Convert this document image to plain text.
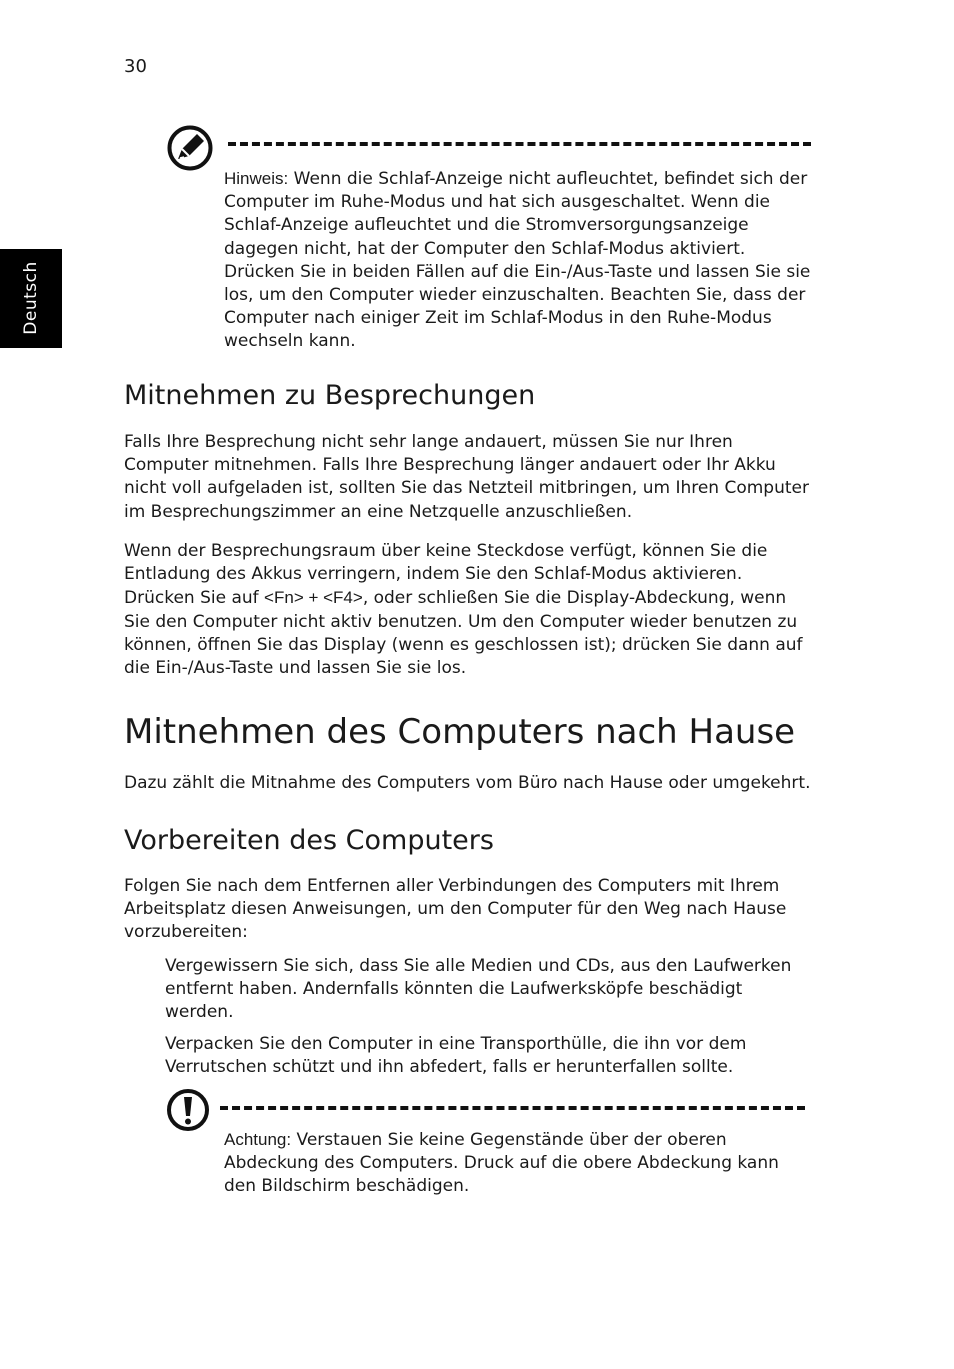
30
Deutsch
Hinweis: Wenn die Schlaf-Anzeige nicht aufleuchtet, befindet sich der Computer im Ruhe-Modus und hat sich ausgeschaltet. Wenn die Schlaf-Anzeige aufleuchtet und die Stromversorgungsanzeige dagegen nicht, hat der Computer den Schlaf-Modus aktiviert. Drücken Sie in beiden Fällen auf die Ein-/Aus-Taste und lassen Sie sie los, um den Computer wieder einzuschalten. Beachten Sie, dass der Computer nach einiger Zeit im Schlaf-Modus in den Ruhe-Modus wechseln kann.
Mitnehmen zu Besprechungen

Falls Ihre Besprechung nicht sehr lange andauert, müssen Sie nur Ihren Computer mitnehmen. Falls Ihre Besprechung länger andauert oder Ihr Akku nicht voll aufgeladen ist, sollten Sie das Netzteil mitbringen, um Ihren Computer im Besprechungszimmer an eine Netzquelle anzuschließen.

Wenn der Besprechungsraum über keine Steckdose verfügt, können Sie die Entladung des Akkus verringern, indem Sie den Schlaf-Modus aktivieren. Drücken Sie auf <Fn> + <F4>, oder schließen Sie die Display-Abdeckung, wenn Sie den Computer nicht aktiv benutzen. Um den Computer wieder benutzen zu können, öffnen Sie das Display (wenn es geschlossen ist); drücken Sie dann auf die Ein-/Aus-Taste und lassen Sie sie los.

Mitnehmen des Computers nach Hause

Dazu zählt die Mitnahme des Computers vom Büro nach Hause oder umgekehrt.

Vorbereiten des Computers

Folgen Sie nach dem Entfernen aller Verbindungen des Computers mit Ihrem Arbeitsplatz diesen Anweisungen, um den Computer für den Weg nach Hause vorzubereiten:

Vergewissern Sie sich, dass Sie alle Medien und CDs, aus den Laufwerken entfernt haben. Andernfalls könnten die Laufwerksköpfe beschädigt werden.

Verpacken Sie den Computer in eine Transporthülle, die ihn vor dem Verrutschen schützt und ihn abfedert, falls er herunterfallen sollte.

Achtung: Verstauen Sie keine Gegenstände über der oberen Abdeckung des Computers. Druck auf die obere Abdeckung kann den Bildschirm beschädigen.
